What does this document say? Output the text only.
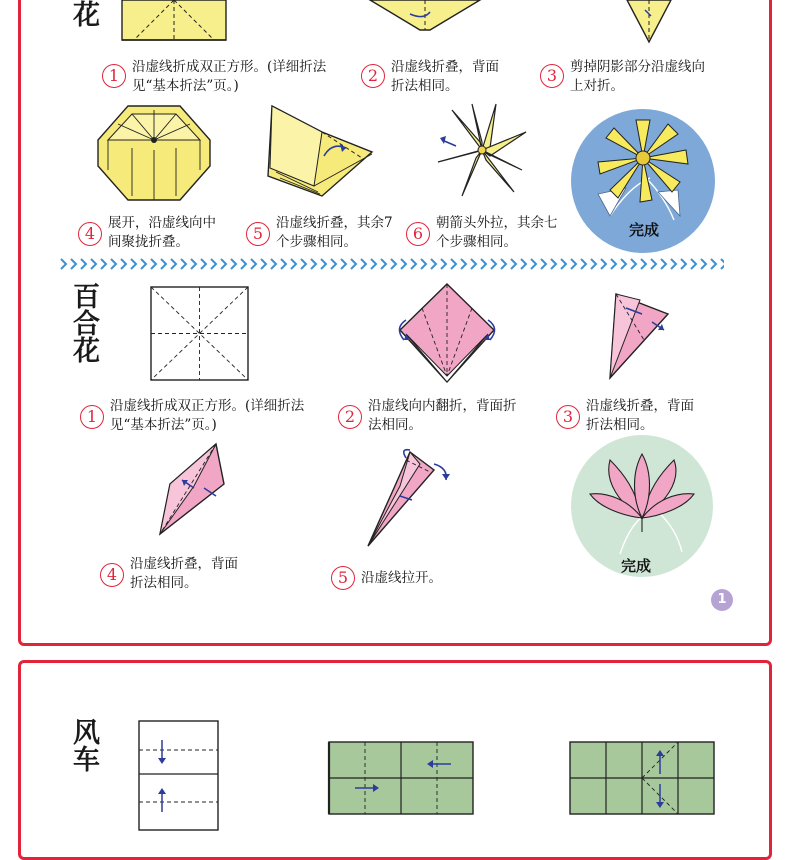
花
1 沿虚线折成双正方形。(详细折法见“基本折法”页。)
2 沿虚线折叠，背面折法相同。
3 剪掉阴影部分沿虚线向上对折。
完成
4
展开，沿虚线向中间聚拢折叠。	5
沿虚线折叠，其余7个步骤相同。	6
朝箭头外拉，其余七个步骤相同。
百合花
1
沿虚线折成双正方形。(详细折法见“基本折法”页。)	2
沿虚线向内翻折，背面折法相同。	3
沿虚线折叠，背面折法相同。
完成
4
沿虚线折叠，背面折法相同。	5 沿虚线拉开。
1
风车
